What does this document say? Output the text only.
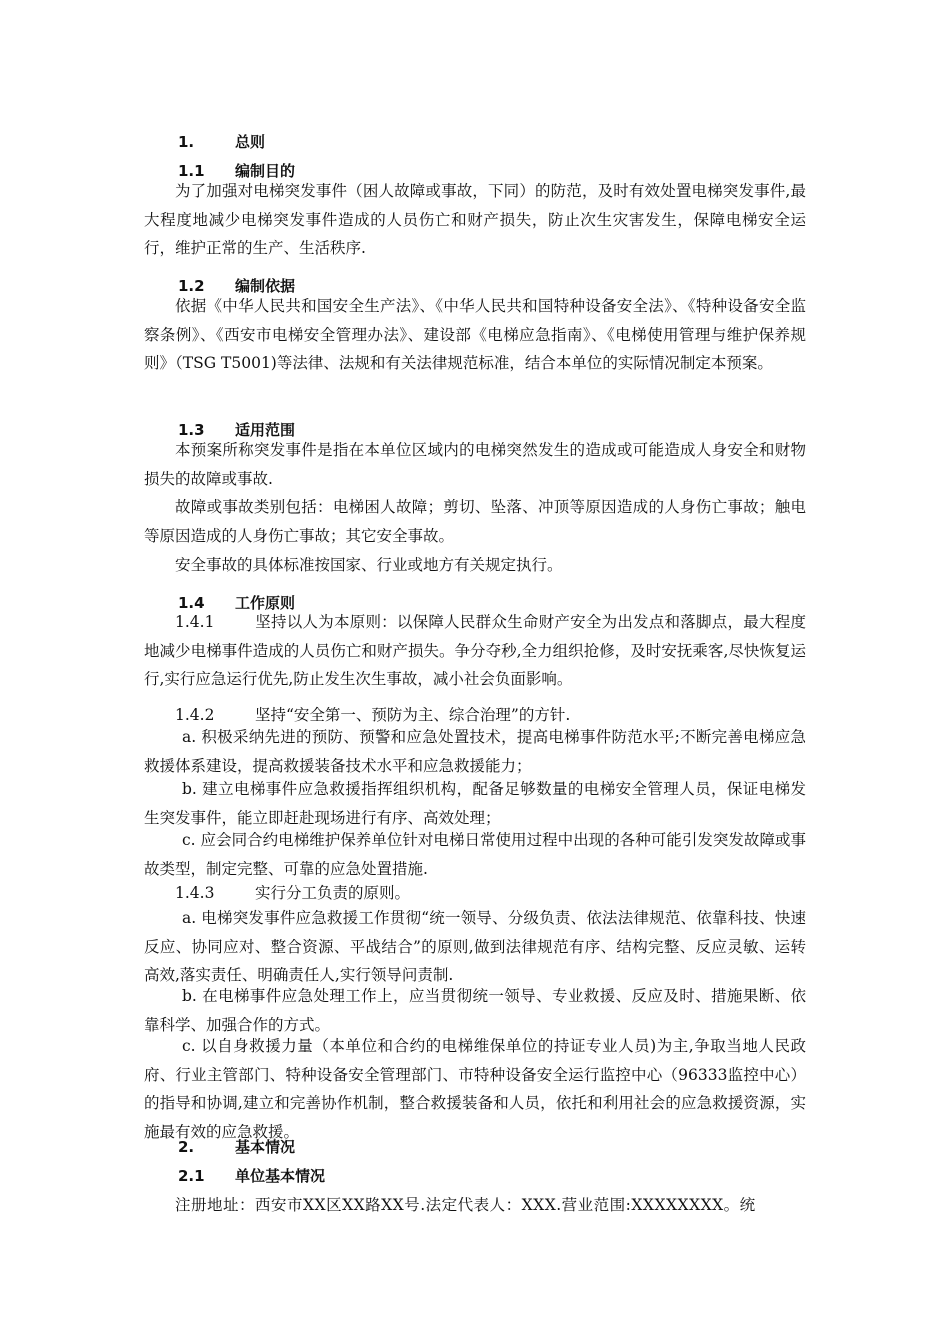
1.	总则
1.1 编制目的
为了加强对电梯突发事件（困人故障或事故，下同）的防范，及时有效处置电梯突发事件,最大程度地减少电梯突发事件造成的人员伤亡和财产损失，防止次生灾害发生，保障电梯安全运行，维护正常的生产、生活秩序.
1.2 编制依据
依据《中华人民共和国安全生产法》、《中华人民共和国特种设备安全法》、《特种设备安全监察条例》、《西安市电梯安全管理办法》、建设部《电梯应急指南》、《电梯使用管理与维护保养规则》（TSG T5001)等法律、法规和有关法律规范标准，结合本单位的实际情况制定本预案。
1.3 适用范围
本预案所称突发事件是指在本单位区域内的电梯突然发生的造成或可能造成人身安全和财物损失的故障或事故.
故障或事故类别包括：电梯困人故障；剪切、坠落、冲顶等原因造成的人身伤亡事故；触电等原因造成的人身伤亡事故；其它安全事故。
安全事故的具体标准按国家、行业或地方有关规定执行。
1.4 工作原则
1.4.1	坚持以人为本原则：以保障人民群众生命财产安全为出发点和落脚点，最大程度地减少电梯事件造成的人员伤亡和财产损失。争分夺秒,全力组织抢修，及时安抚乘客,尽快恢复运行,实行应急运行优先,防止发生次生事故，减小社会负面影响。
1.4.2	坚持“安全第一、预防为主、综合治理”的方针.
a. 积极采纳先进的预防、预警和应急处置技术，提高电梯事件防范水平;不断完善电梯应急救援体系建设，提高救援装备技术水平和应急救援能力；
b. 建立电梯事件应急救援指挥组织机构，配备足够数量的电梯安全管理人员，保证电梯发生突发事件，能立即赶赴现场进行有序、高效处理；
c. 应会同合约电梯维护保养单位针对电梯日常使用过程中出现的各种可能引发突发故障或事故类型，制定完整、可靠的应急处置措施.
1.4.3	实行分工负责的原则。
a. 电梯突发事件应急救援工作贯彻“统一领导、分级负责、依法法律规范、依靠科技、快速反应、协同应对、整合资源、平战结合”的原则,做到法律规范有序、结构完整、反应灵敏、运转高效,落实责任、明确责任人,实行领导问责制.
b. 在电梯事件应急处理工作上，应当贯彻统一领导、专业救援、反应及时、措施果断、依靠科学、加强合作的方式。
c. 以自身救援力量（本单位和合约的电梯维保单位的持证专业人员)为主,争取当地人民政府、行业主管部门、特种设备安全管理部门、市特种设备安全运行监控中心（96333监控中心）的指导和协调,建立和完善协作机制，整合救援装备和人员，依托和利用社会的应急救援资源，实施最有效的应急救援。
2.	基本情况
2.1 单位基本情况
注册地址：西安市XX区XX路XX号.法定代表人：XXX.营业范围:XXXXXXXX。统
